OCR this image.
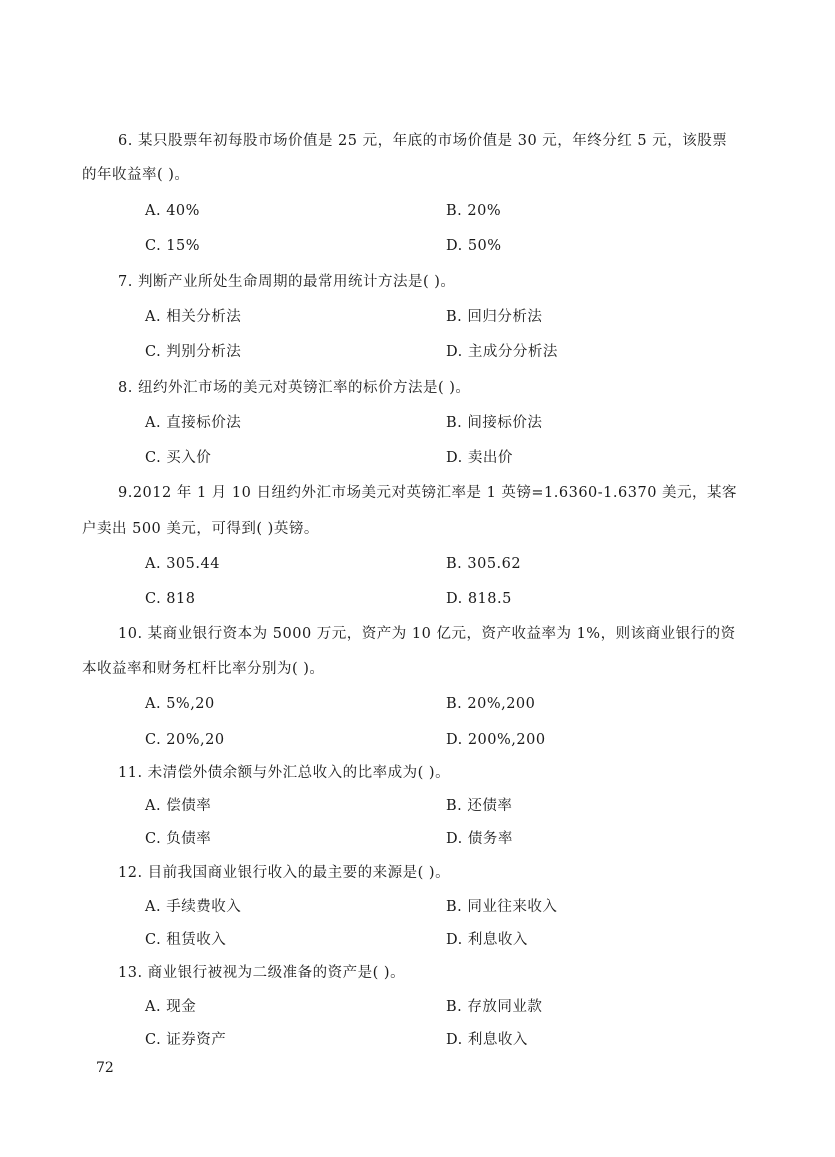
6. 某只股票年初每股市场价值是 25 元，年底的市场价值是 30 元，年终分红 5 元，该股票
的年收益率( )。
A. 40%	B. 20%
C. 15%	D. 50%
7. 判断产业所处生命周期的最常用统计方法是( )。
A. 相关分析法	B. 回归分析法
C. 判别分析法	D. 主成分分析法
8. 纽约外汇市场的美元对英镑汇率的标价方法是( )。
A. 直接标价法	B. 间接标价法
C. 买入价	D. 卖出价
9.2012 年 1 月 10 日纽约外汇市场美元对英镑汇率是 1 英镑=1.6360-1.6370 美元，某客
户卖出 500 美元，可得到( )英镑。
A. 305.44	B. 305.62
C. 818	D. 818.5
10. 某商业银行资本为 5000 万元，资产为 10 亿元，资产收益率为 1%，则该商业银行的资
本收益率和财务杠杆比率分别为( )。
A. 5%,20	B. 20%,200
C. 20%,20	D. 200%,200
11. 未清偿外债余额与外汇总收入的比率成为( )。
A. 偿债率	B. 还债率
C. 负债率	D. 债务率
12. 目前我国商业银行收入的最主要的来源是( )。
A. 手续费收入	B. 同业往来收入
C. 租赁收入	D. 利息收入
13. 商业银行被视为二级准备的资产是( )。
A. 现金	B. 存放同业款
C. 证券资产	D. 利息收入
72
